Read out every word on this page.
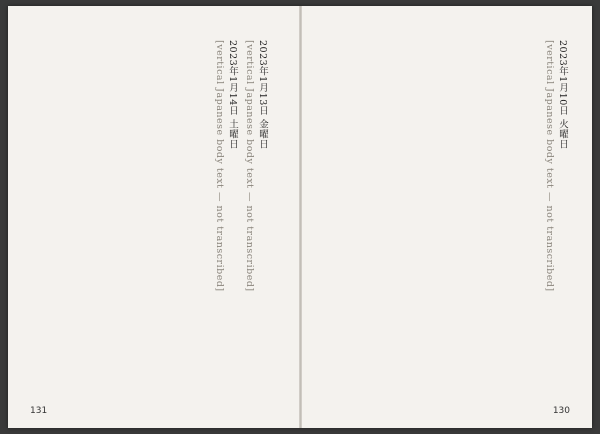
2023年1月13日 金曜日

[vertical Japanese body text — not transcribed]

2023年1月14日 土曜日

[vertical Japanese body text — not transcribed]

131

2023年1月10日 火曜日

[vertical Japanese body text — not transcribed]

130
